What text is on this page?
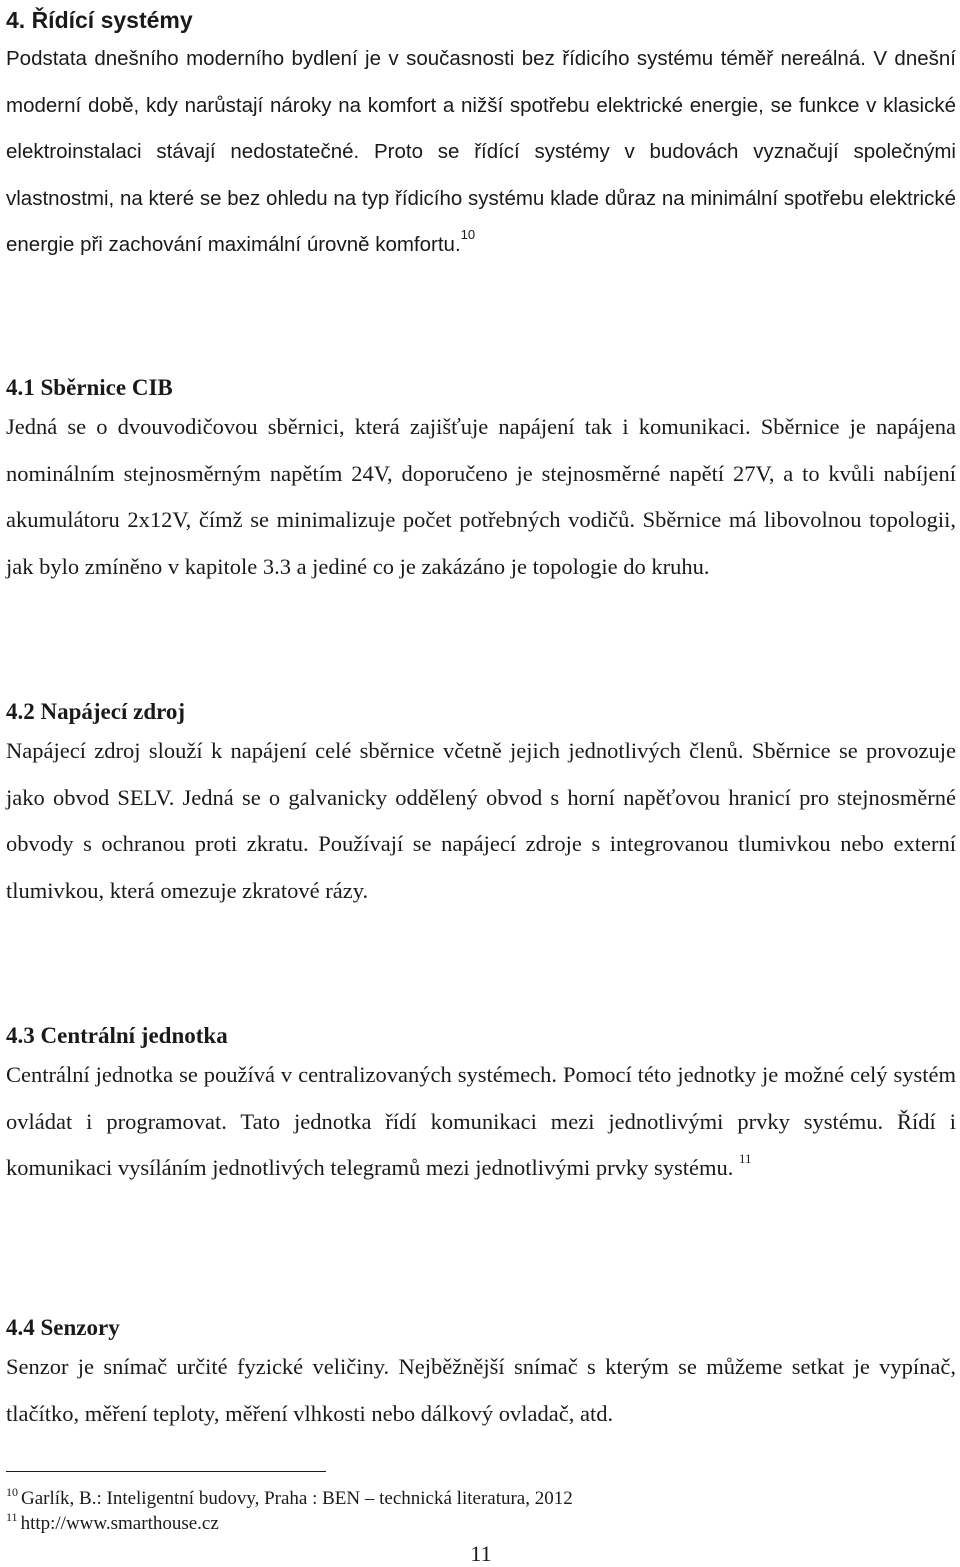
4. Řídící systémy

Podstata dnešního moderního bydlení je v současnosti bez řídicího systému téměř nereálná. V dnešní moderní době, kdy narůstají nároky na komfort a nižší spotřebu elektrické energie, se funkce v klasické elektroinstalaci stávají nedostatečné. Proto se řídící systémy v budovách vyznačují společnými vlastnostmi, na které se bez ohledu na typ řídicího systému klade důraz na minimální spotřebu elektrické energie při zachování maximální úrovně komfortu.$^{10}$

4.1 Sběrnice CIB

Jedná se o dvouvodičovou sběrnici, která zajišťuje napájení tak i komunikaci. Sběrnice je napájena nominálním stejnosměrným napětím 24V, doporučeno je stejnosměrné napětí 27V, a to kvůli nabíjení akumulátoru 2x12V, čímž se minimalizuje počet potřebných vodičů. Sběrnice má libovolnou topologii, jak bylo zmíněno v kapitole 3.3 a jediné co je zakázáno je topologie do kruhu.

4.2 Napájecí zdroj

Napájecí zdroj slouží k napájení celé sběrnice včetně jejich jednotlivých členů. Sběrnice se provozuje jako obvod SELV. Jedná se o galvanicky oddělený obvod s horní napěťovou hranicí pro stejnosměrné obvody s ochranou proti zkratu. Používají se napájecí zdroje s integrovanou tlumivkou nebo externí tlumivkou, která omezuje zkratové rázy.

4.3 Centrální jednotka

Centrální jednotka se používá v centralizovaných systémech. Pomocí této jednotky je možné celý systém ovládat i programovat. Tato jednotka řídí komunikaci mezi jednotlivými prvky systému. Řídí i komunikaci vysíláním jednotlivých telegramů mezi jednotlivými prvky systému. $^{11}$

4.4 Senzory

Senzor je snímač určité fyzické veličiny. Nejběžnější snímač s kterým se můžeme setkat je vypínač, tlačítko, měření teploty, měření vlhkosti nebo dálkový ovladač, atd.

$^{10}$ Garlík, B.: Inteligentní budovy, Praha : BEN – technická literatura, 2012
$^{11}$ http://www.smarthouse.cz
11
